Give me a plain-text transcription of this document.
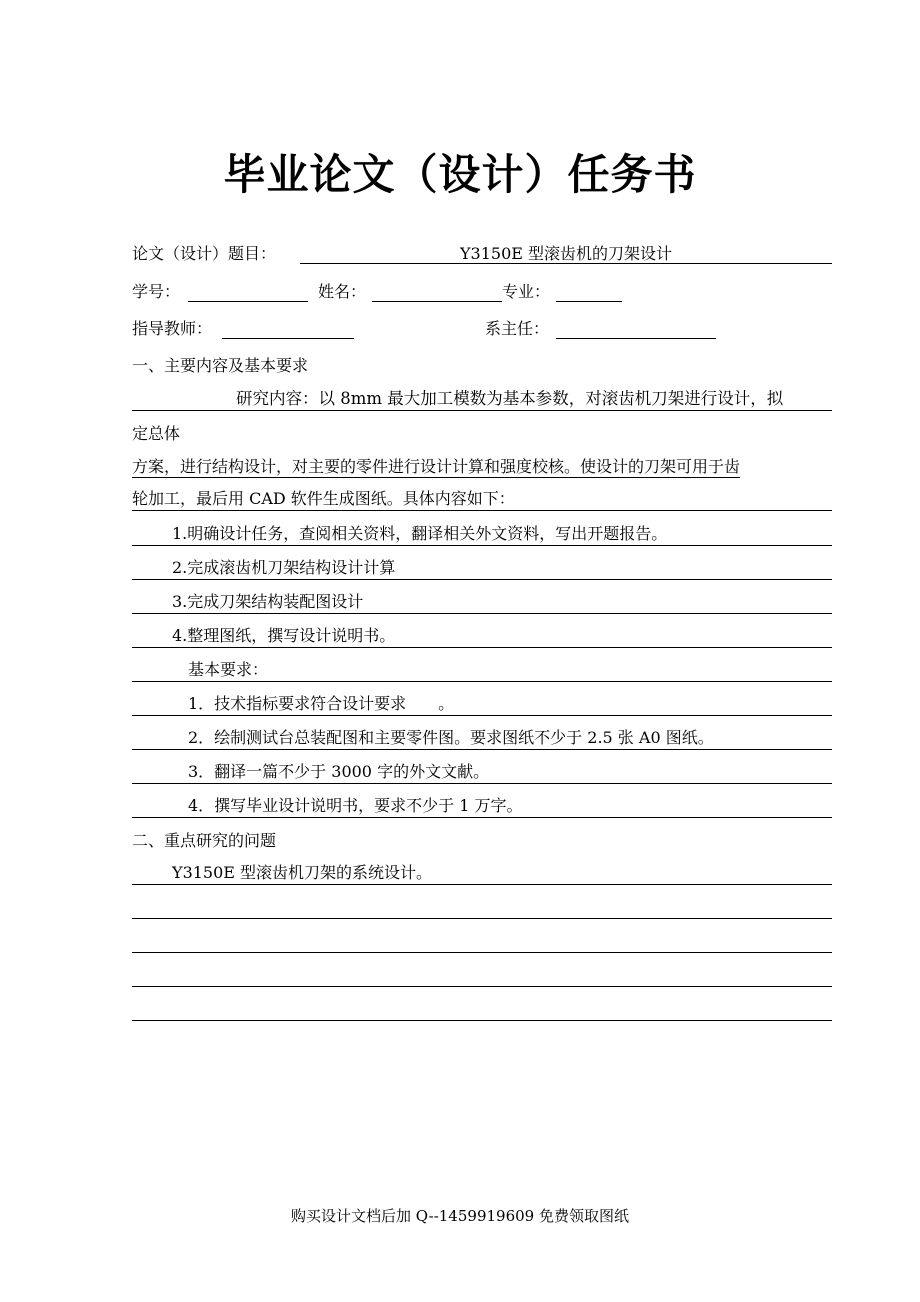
毕业论文（设计）任务书
论文（设计）题目：	Y3150E 型滚齿机的刀架设计
学号：	姓名：	专业：
指导教师：	系主任：
一、主要内容及基本要求
研究内容：以 8mm 最大加工模数为基本参数，对滚齿机刀架进行设计，拟
定总体
方案，进行结构设计，对主要的零件进行设计计算和强度校核。使设计的刀架可用于齿
轮加工，最后用 CAD 软件生成图纸。具体内容如下：
1.明确设计任务，查阅相关资料，翻译相关外文资料，写出开题报告。
2.完成滚齿机刀架结构设计计算
3.完成刀架结构装配图设计
4.整理图纸，撰写设计说明书。
基本要求：
1．技术指标要求符合设计要求　　。
2．绘制测试台总装配图和主要零件图。要求图纸不少于 2.5 张 A0 图纸。
3．翻译一篇不少于 3000 字的外文文献。
4．撰写毕业设计说明书，要求不少于 1 万字。
二、重点研究的问题
Y3150E 型滚齿机刀架的系统设计。
购买设计文档后加 Q--1459919609 免费领取图纸
